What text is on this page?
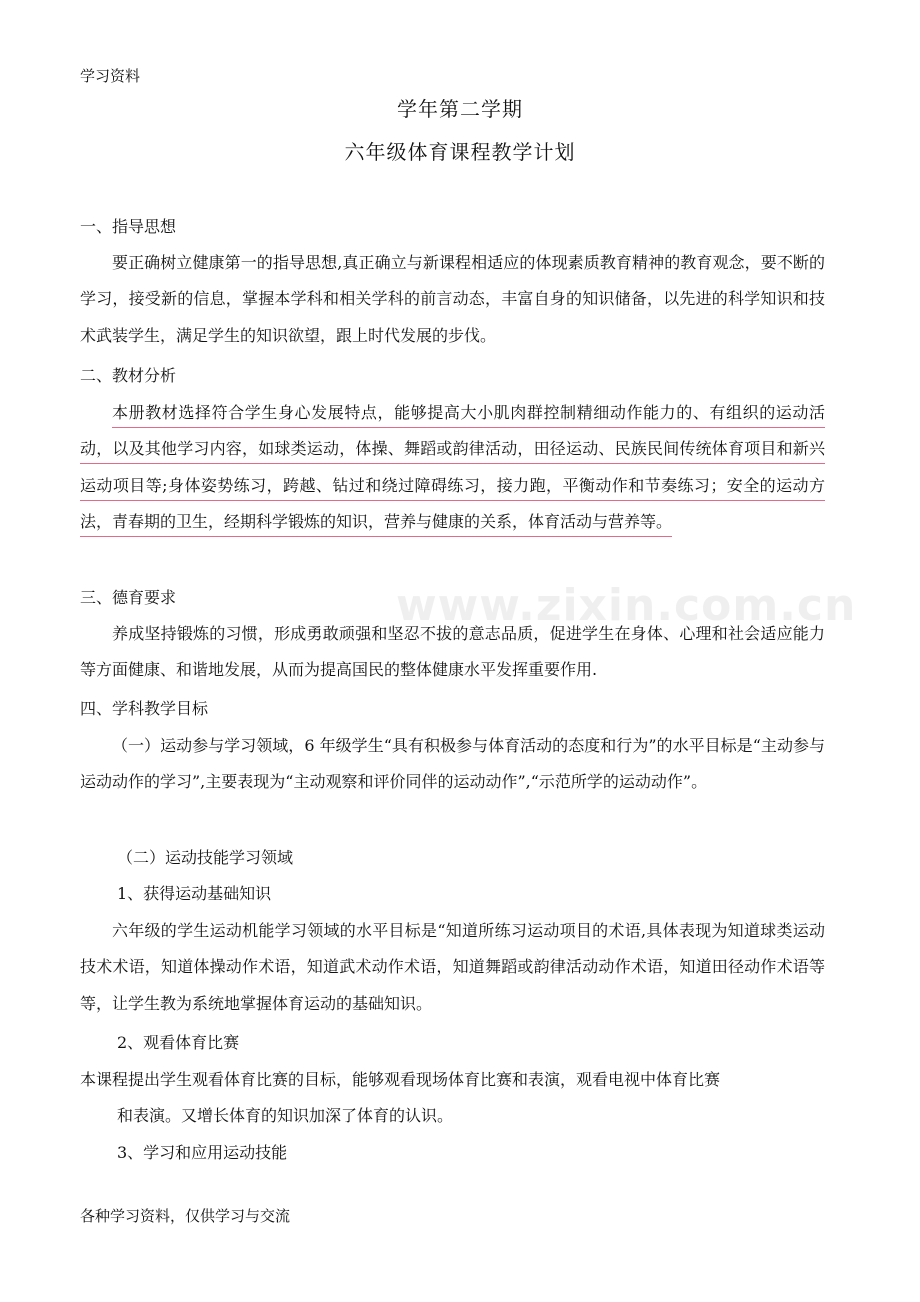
学习资料
学年第二学期
六年级体育课程教学计划
一、指导思想

要正确树立健康第一的指导思想,真正确立与新课程相适应的体现素质教育精神的教育观念，要不断的学习，接受新的信息，掌握本学科和相关学科的前言动态，丰富自身的知识储备，以先进的科学知识和技术武装学生，满足学生的知识欲望，跟上时代发展的步伐。

二、教材分析

本册教材选择符合学生身心发展特点，能够提高大小肌肉群控制精细动作能力的、有组织的运动活动，以及其他学习内容，如球类运动，体操、舞蹈或韵律活动，田径运动、民族民间传统体育项目和新兴运动项目等;身体姿势练习，跨越、钻过和绕过障碍练习，接力跑，平衡动作和节奏练习；安全的运动方法，青春期的卫生，经期科学锻炼的知识，营养与健康的关系，体育活动与营养等。

三、德育要求

养成坚持锻炼的习惯，形成勇敢顽强和坚忍不拔的意志品质，促进学生在身体、心理和社会适应能力等方面健康、和谐地发展，从而为提高国民的整体健康水平发挥重要作用.

四、学科教学目标

（一）运动参与学习领域，6 年级学生“具有积极参与体育活动的态度和行为”的水平目标是“主动参与运动动作的学习”,主要表现为“主动观察和评价同伴的运动动作”,“示范所学的运动动作”。

（二）运动技能学习领域
1、获得运动基础知识

六年级的学生运动机能学习领域的水平目标是“知道所练习运动项目的术语,具体表现为知道球类运动技术术语，知道体操动作术语，知道武术动作术语，知道舞蹈或韵律活动动作术语，知道田径动作术语等等，让学生教为系统地掌握体育运动的基础知识。

2、观看体育比赛
本课程提出学生观看体育比赛的目标，能够观看现场体育比赛和表演，观看电视中体育比赛
和表演。又增长体育的知识加深了体育的认识。
3、学习和应用运动技能
www.zixin.com.cn
各种学习资料，仅供学习与交流
